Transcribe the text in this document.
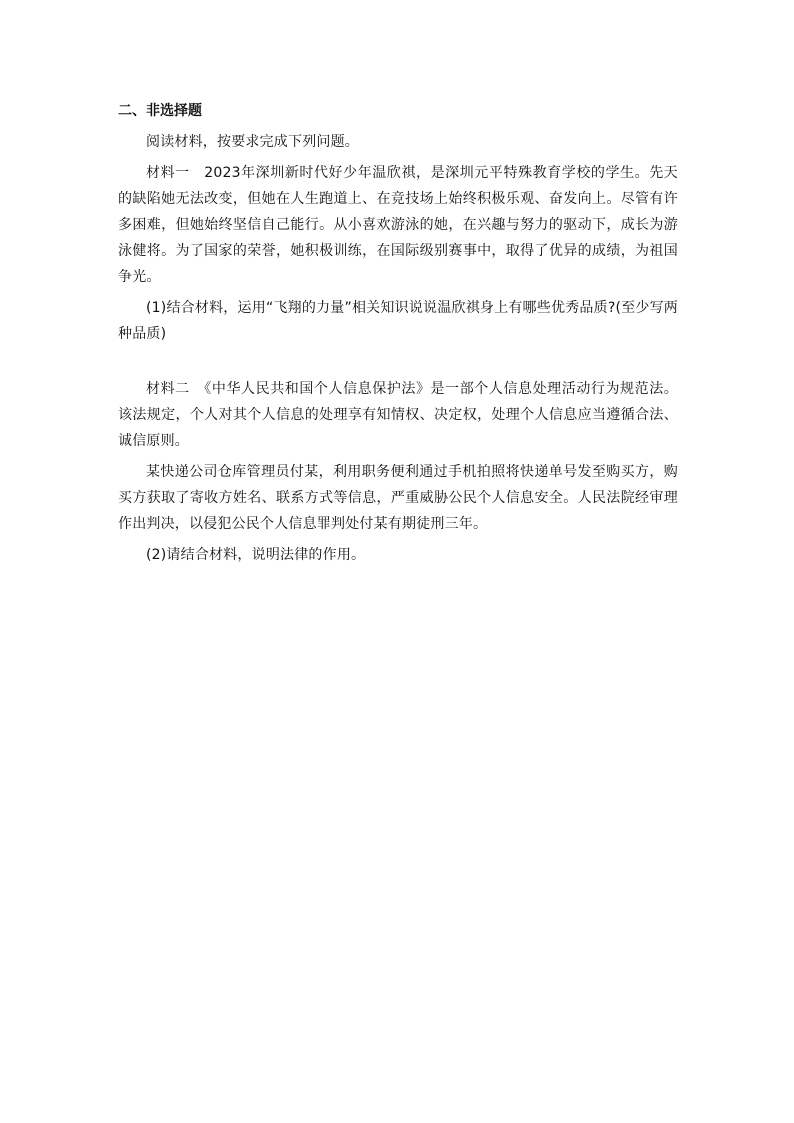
二、非选择题

阅读材料，按要求完成下列问题。

材料一　2023年深圳新时代好少年温欣祺，是深圳元平特殊教育学校的学生。先天的缺陷她无法改变，但她在人生跑道上、在竞技场上始终积极乐观、奋发向上。尽管有许多困难，但她始终坚信自己能行。从小喜欢游泳的她，在兴趣与努力的驱动下，成长为游泳健将。为了国家的荣誉，她积极训练，在国际级别赛事中，取得了优异的成绩，为祖国争光。

(1)结合材料，运用“飞翔的力量”相关知识说说温欣祺身上有哪些优秀品质?(至少写两种品质)

材料二　《中华人民共和国个人信息保护法》是一部个人信息处理活动行为规范法。该法规定，个人对其个人信息的处理享有知情权、决定权，处理个人信息应当遵循合法、诚信原则。

某快递公司仓库管理员付某，利用职务便利通过手机拍照将快递单号发至购买方，购买方获取了寄收方姓名、联系方式等信息，严重威胁公民个人信息安全。人民法院经审理作出判决，以侵犯公民个人信息罪判处付某有期徒刑三年。

(2)请结合材料，说明法律的作用。
